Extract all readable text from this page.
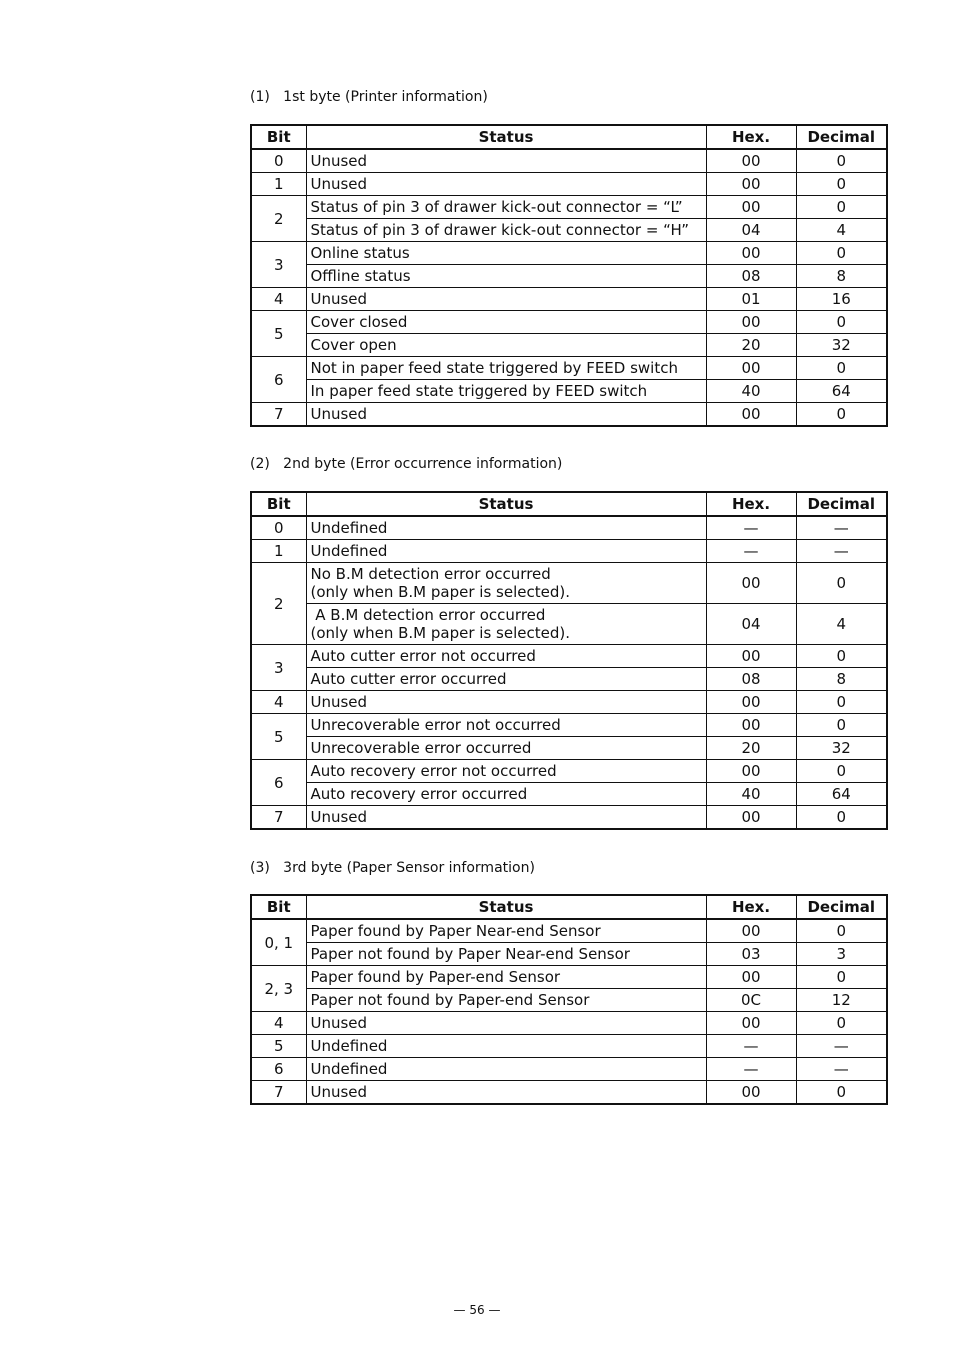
(1)   1st byte (Printer information)
Bit	Status	Hex.	Decimal
0	Unused	00	0
1	Unused	00	0
2	Status of pin 3 of drawer kick-out connector = “L”	00	0
	Status of pin 3 of drawer kick-out connector = “H”	04	4
3	Online status	00	0
	Offline status	08	8
4	Unused	01	16
5	Cover closed	00	0
	Cover open	20	32
6	Not in paper feed state triggered by FEED switch	00	0
	In paper feed state triggered by FEED switch	40	64
7	Unused	00	0
(2)   2nd byte (Error occurrence information)
Bit	Status	Hex.	Decimal
0	Undefined	—	—
1	Undefined	—	—
2	No B.M detection error occurred
(only when B.M paper is selected).	00	0

	A B.M detection error occurred
(only when B.M paper is selected).	04	4
3	Auto cutter error not occurred	00	0
	Auto cutter error occurred	08	8
4	Unused	00	0
5	Unrecoverable error not occurred	00	0
	Unrecoverable error occurred	20	32
6	Auto recovery error not occurred	00	0
	Auto recovery error occurred	40	64
7	Unused	00	0
(3)   3rd byte (Paper Sensor information)
Bit	Status	Hex.	Decimal
0, 1	Paper found by Paper Near-end Sensor	00	0
	Paper not found by Paper Near-end Sensor	03	3
2, 3	Paper found by Paper-end Sensor	00	0
	Paper not found by Paper-end Sensor	0C	12
4	Unused	00	0
5	Undefined	—	—
6	Undefined	—	—
7	Unused	00	0
— 56 —
